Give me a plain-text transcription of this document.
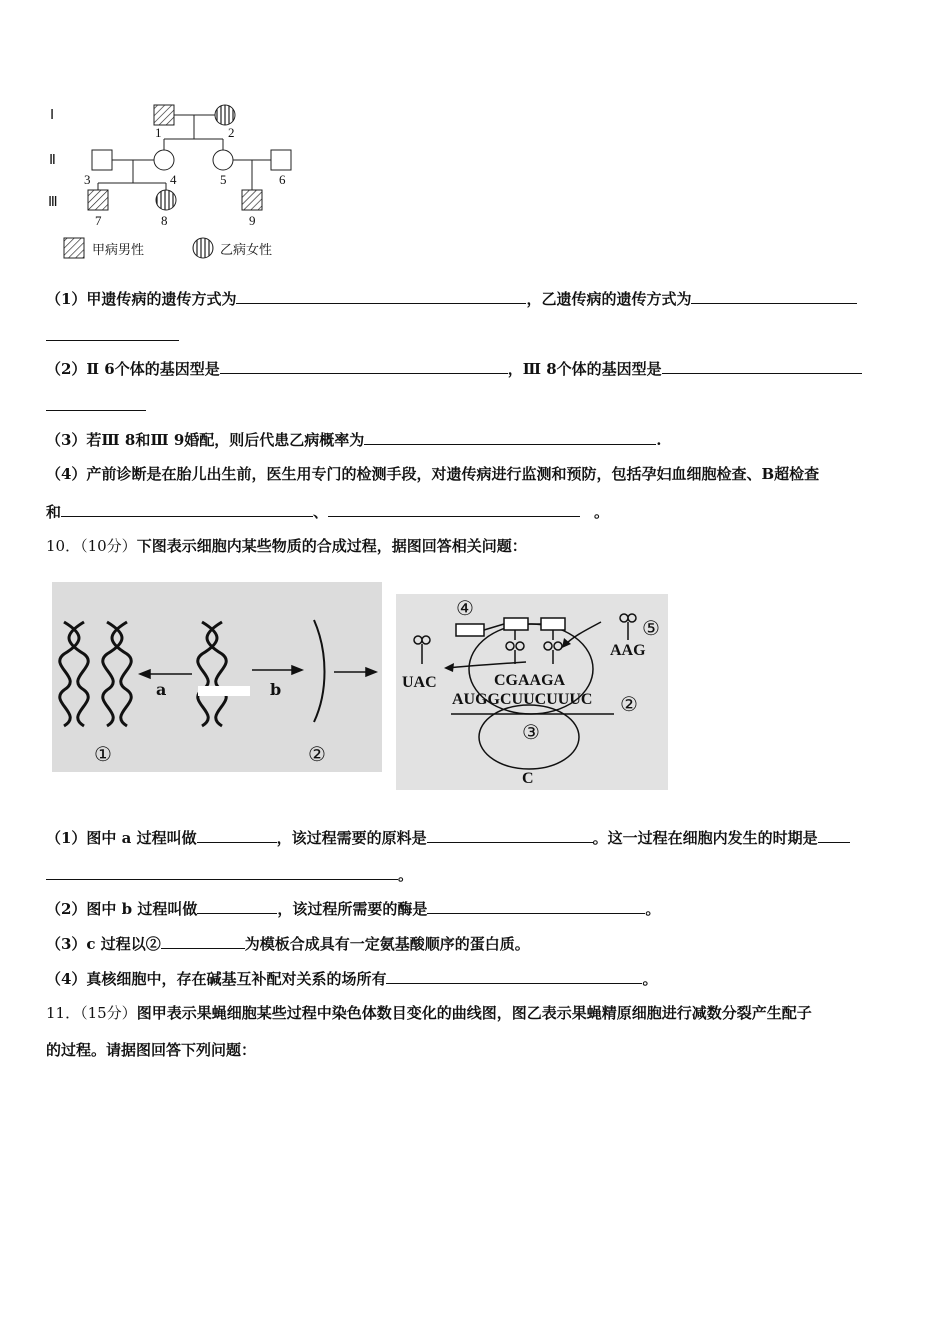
Ⅰ
Ⅱ
Ⅲ
1	2
3	4	5	6
7	8	9
甲病男性	乙病女性
（1）甲遗传病的遗传方式为	，乙遗传病的遗传方式为
（2）Ⅱ 6个体的基因型是	，Ⅲ 8个体的基因型是
（3）若Ⅲ 8和Ⅲ 9婚配，则后代患乙病概率为	.
（4）产前诊断是在胎儿出生前，医生用专门的检测手段，对遗传病进行监测和预防，包括孕妇血细胞检查、B超检查
和	、	。
10．（10分）下图表示细胞内某些物质的合成过程，据图回答相关问题：
a	b
①	②
④
⑤
UAC
AAG
CGAAGA
AUGGCUUCUUUC ②
③
C
（1）图中 a 过程叫做	，该过程需要的原料是	。这一过程在细胞内发生的时期是
。
（2）图中 b 过程叫做	，该过程所需要的酶是	。
（3）c 过程以②	为模板合成具有一定氨基酸顺序的蛋白质。
（4）真核细胞中，存在碱基互补配对关系的场所有	。
11．（15分）图甲表示果蝇细胞某些过程中染色体数目变化的曲线图，图乙表示果蝇精原细胞进行减数分裂产生配子
的过程。请据图回答下列问题：
